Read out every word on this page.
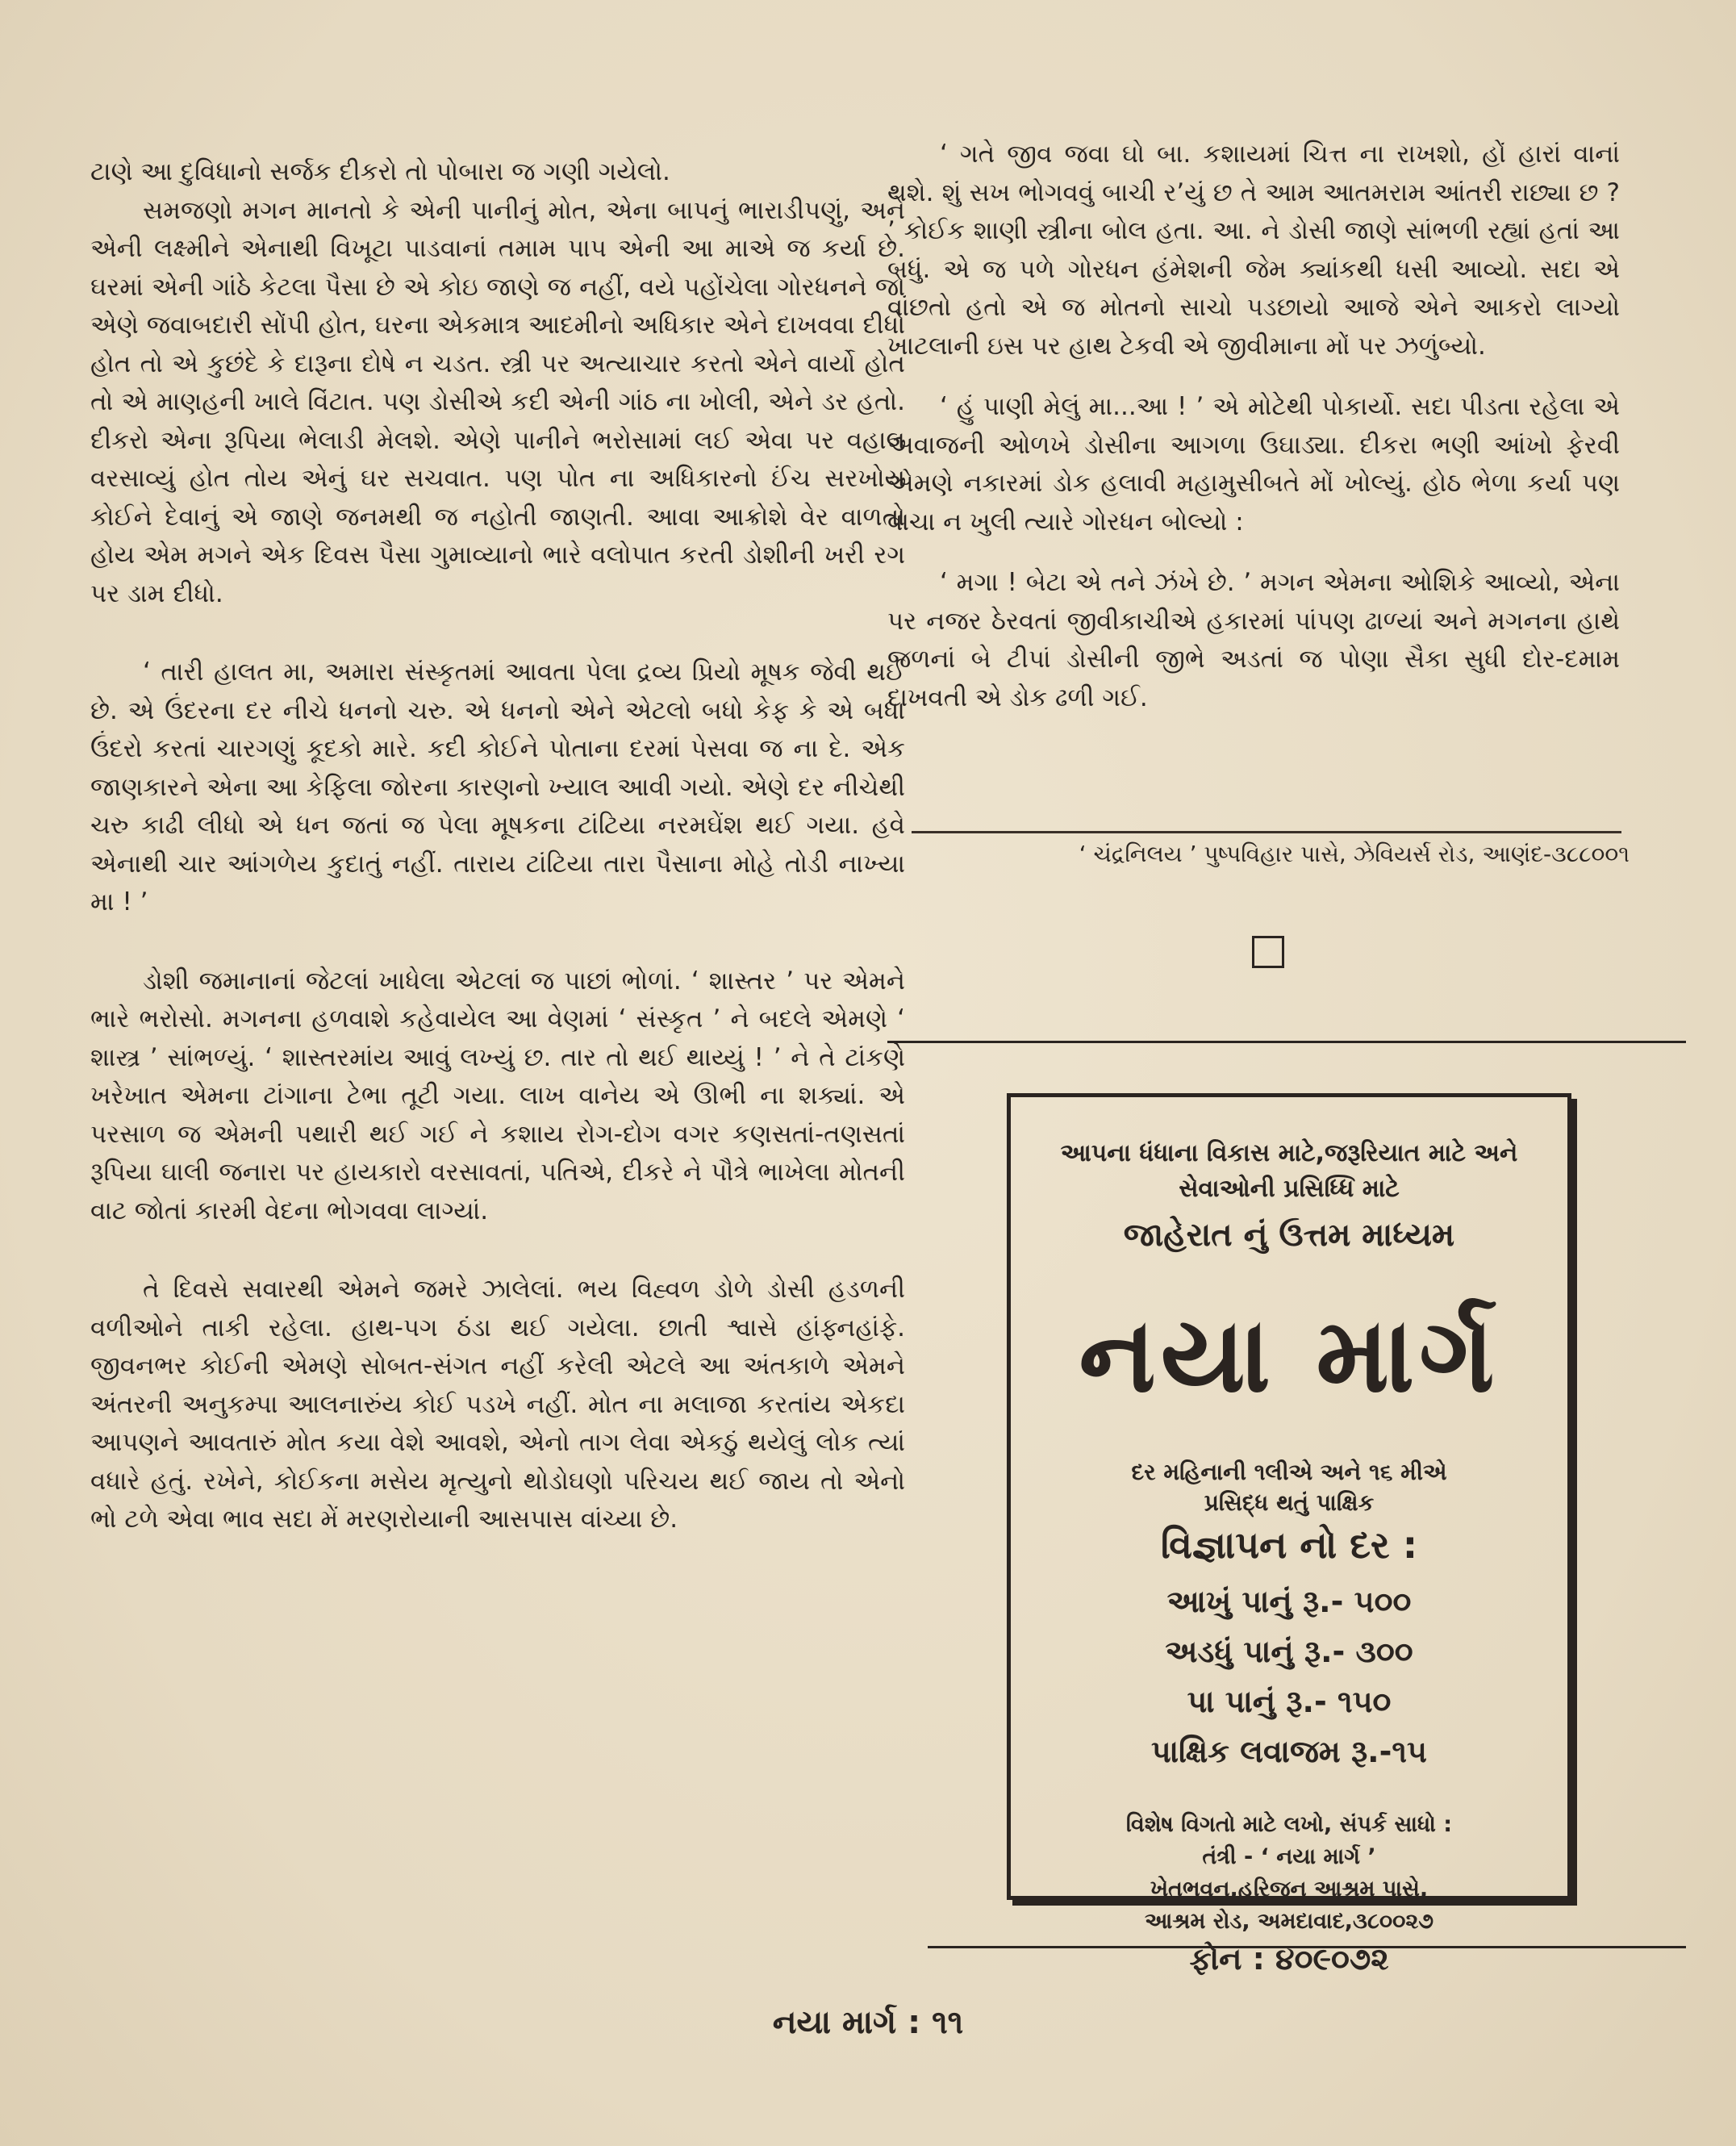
ટાણે આ દુવિધાનો સર્જક દીકરો તો પોબારા જ ગણી ગયેલો.

સમજણો મગન માનતો કે એની પાનીનું મોત, એના બાપનું ભારાડીપણું, અને એની લક્ષ્મીને એનાથી વિખૂટા પાડવાનાં તમામ પાપ એની આ માએ જ કર્યા છે. ઘરમાં એની ગાંઠે કેટલા પૈસા છે એ કોઇ જાણે જ નહીં, વયે પહોંચેલા ગોરધનને જો એણે જવાબદારી સોંપી હોત, ઘરના એકમાત્ર આદમીનો અધિકાર એને દાખવવા દીધો હોત તો એ કુછંદે કે દારૂના દોષે ન ચડત. સ્ત્રી પર અત્યાચાર કરતો એને વાર્યો હોત તો એ માણહની ખાલે વિંટાત. પણ ડોસીએ કદી એની ગાંઠ ના ખોલી, એને ડર હતો. દીકરો એના રૂપિયા ભેલાડી મેલશે. એણે પાનીને ભરોસામાં લઈ એવા પર વહાલ વરસાવ્યું હોત તોય એનું ઘર સચવાત. પણ પોત ના અધિકારનો ઈંચ સરખોય કોઈને દેવાનું એ જાણે જનમથી જ નહોતી જાણતી. આવા આક્રોશે વેર વાળતો હોય એમ મગને એક દિવસ પૈસા ગુમાવ્યાનો ભારે વલોપાત કરતી ડોશીની ખરી રગ પર ડામ દીધો.

‘ તારી હાલત મા, અમારા સંસ્કૃતમાં આવતા પેલા દ્રવ્ય પ્રિયો મૂષક જેવી થઈ છે. એ ઉંદરના દર નીચે ધનનો ચરુ. એ ધનનો એને એટલો બધો કેફ કે એ બધા ઉંદરો કરતાં ચારગણું કૂદકો મારે. કદી કોઈને પોતાના દરમાં પેસવા જ ના દે. એક જાણકારને એના આ કેફિલા જોરના કારણનો ખ્યાલ આવી ગયો. એણે દર નીચેથી ચરુ કાઢી લીધો એ ધન જતાં જ પેલા મૂષકના ટાંટિયા નરમઘેંશ થઈ ગયા. હવે એનાથી ચાર આંગળેય કુદાતું નહીં. તારાય ટાંટિયા તારા પૈસાના મોહે તોડી નાખ્યા મા ! ’

ડોશી જમાનાનાં જેટલાં ખાધેલા એટલાં જ પાછાં ભોળાં. ‘ શાસ્તર ’ પર એમને ભારે ભરોસો. મગનના હળવાશે કહેવાયેલ આ વેણમાં ‘ સંસ્કૃત ’ ને બદલે એમણે ‘ શાસ્ત્ર ’ સાંભળ્યું. ‘ શાસ્તરમાંય આવું લખ્યું છ. તાર તો થઈ થાય્યું ! ’ ને તે ટાંકણે ખરેખાત એમના ટાંગાના ટેભા તૂટી ગયા. લાખ વાનેય એ ઊભી ના શક્યાં. એ પરસાળ જ એમની પથારી થઈ ગઈ ને કશાય રોગ-દોગ વગર કણસતાં-તણસતાં રૂપિયા ઘાલી જનારા પર હાયકારો વરસાવતાં, પતિએ, દીકરે ને પૌત્રે ભાખેલા મોતની વાટ જોતાં કારમી વેદના ભોગવવા લાગ્યાં.

તે દિવસે સવારથી એમને જમરે ઝાલેલાં. ભય વિહ્વળ ડોળે ડોસી હડળની વળીઓને તાકી રહેલા. હાથ-પગ ઠંડા થઈ ગયેલા. છાતી શ્વાસે હાંફ્નહાંફે. જીવનભર કોઈની એમણે સોબત-સંગત નહીં કરેલી એટલે આ અંતકાળે એમને અંતરની અનુકમ્પા આલનારુંય કોઈ પડખે નહીં. મોત ના મલાજા કરતાંય એકદા આપણને આવતારું મોત કયા વેશે આવશે, એનો તાગ લેવા એકઠું થયેલું લોક ત્યાં વધારે હતું. રખેને, કોઈકના મસેય મૃત્યુનો થોડોઘણો પરિચય થઈ જાય તો એનો ભો ટળે એવા ભાવ સદા મેં મરણરોયાની આસપાસ વાંચ્યા છે.

‘ ગતે જીવ જવા ઘો બા. કશાયમાં ચિત્ત ના રાખશો, હોં હારાં વાનાં થશે. શું સખ ભોગવવું બાચી ર’યું છ તે આમ આતમરામ આંતરી રાછ્યા છ ? ’ કોઈક શાણી સ્ત્રીના બોલ હતા. આ. ને ડોસી જાણે સાંભળી રહ્યાં હતાં આ બધું. એ જ પળે ગોરધન હંમેશની જેમ ક્યાંકથી ધસી આવ્યો. સદા એ વાંછતો હતો એ જ મોતનો સાચો પડછાયો આજે એને આકરો લાગ્યો ખાટલાની ઇસ પર હાથ ટેકવી એ જીવીમાના મોં પર ઝળુંબ્યો.

‘ હું પાણી મેલું મા...આ ! ’ એ મોટેથી પોકાર્યો. સદા પીડતા રહેલા એ અવાજની ઓળખે ડોસીના આગળા ઉઘાડ્યા. દીકરા ભણી આંખો ફેરવી એમણે નકારમાં ડોક હલાવી મહામુસીબતે મોં ખોલ્યું. હોઠ ભેળા કર્યા પણ વાચા ન ખુલી ત્યારે ગોરધન બોલ્યો :

‘ મગા ! બેટા એ તને ઝંખે છે. ’ મગન એમના ઓશિકે આવ્યો, એના પર નજર ઠેરવતાં જીવીકાચીએ હકારમાં પાંપણ ઢાળ્યાં અને મગનના હાથે જળનાં બે ટીપાં ડોસીની જીભે અડતાં જ પોણા સૈકા સુધી દોર-દમામ દાખવતી એ ડોક ઢળી ગઈ.

‘ ચંદ્રનિલય ’ પુષ્પવિહાર પાસે, ઝેવિયર્સ રોડ, આણંદ-૩૮૮૦૦૧
આપના ધંધાના વિકાસ માટે,જરૂરિયાત માટે અને
સેવાઓની પ્રસિધ્ધિ માટે
જાહેરાત નું ઉત્તમ માધ્યમ
નયા માર્ગ
દર મહિનાની ૧લીએ અને ૧૬ મીએ
પ્રસિદ્ધ થતું પાક્ષિક
વિજ્ઞાપન નો દર :
આખું પાનું રૂ.- ૫૦૦
અડધું પાનું રૂ.- ૩૦૦
પા પાનું રૂ.- ૧૫૦
પાક્ષિક લવાજમ રૂ.-૧૫
વિશેષ વિગતો માટે લખો, સંપર્ક સાધો :
તંત્રી - ‘ નયા માર્ગ ’
ખેતભવન,હરિજન આશ્રમ પાસે,
આશ્રમ રોડ, અમદાવાદ,૩૮૦૦૨૭
ફોન : ૪૦૯૦૭૨
નયા માર્ગ : ૧૧
